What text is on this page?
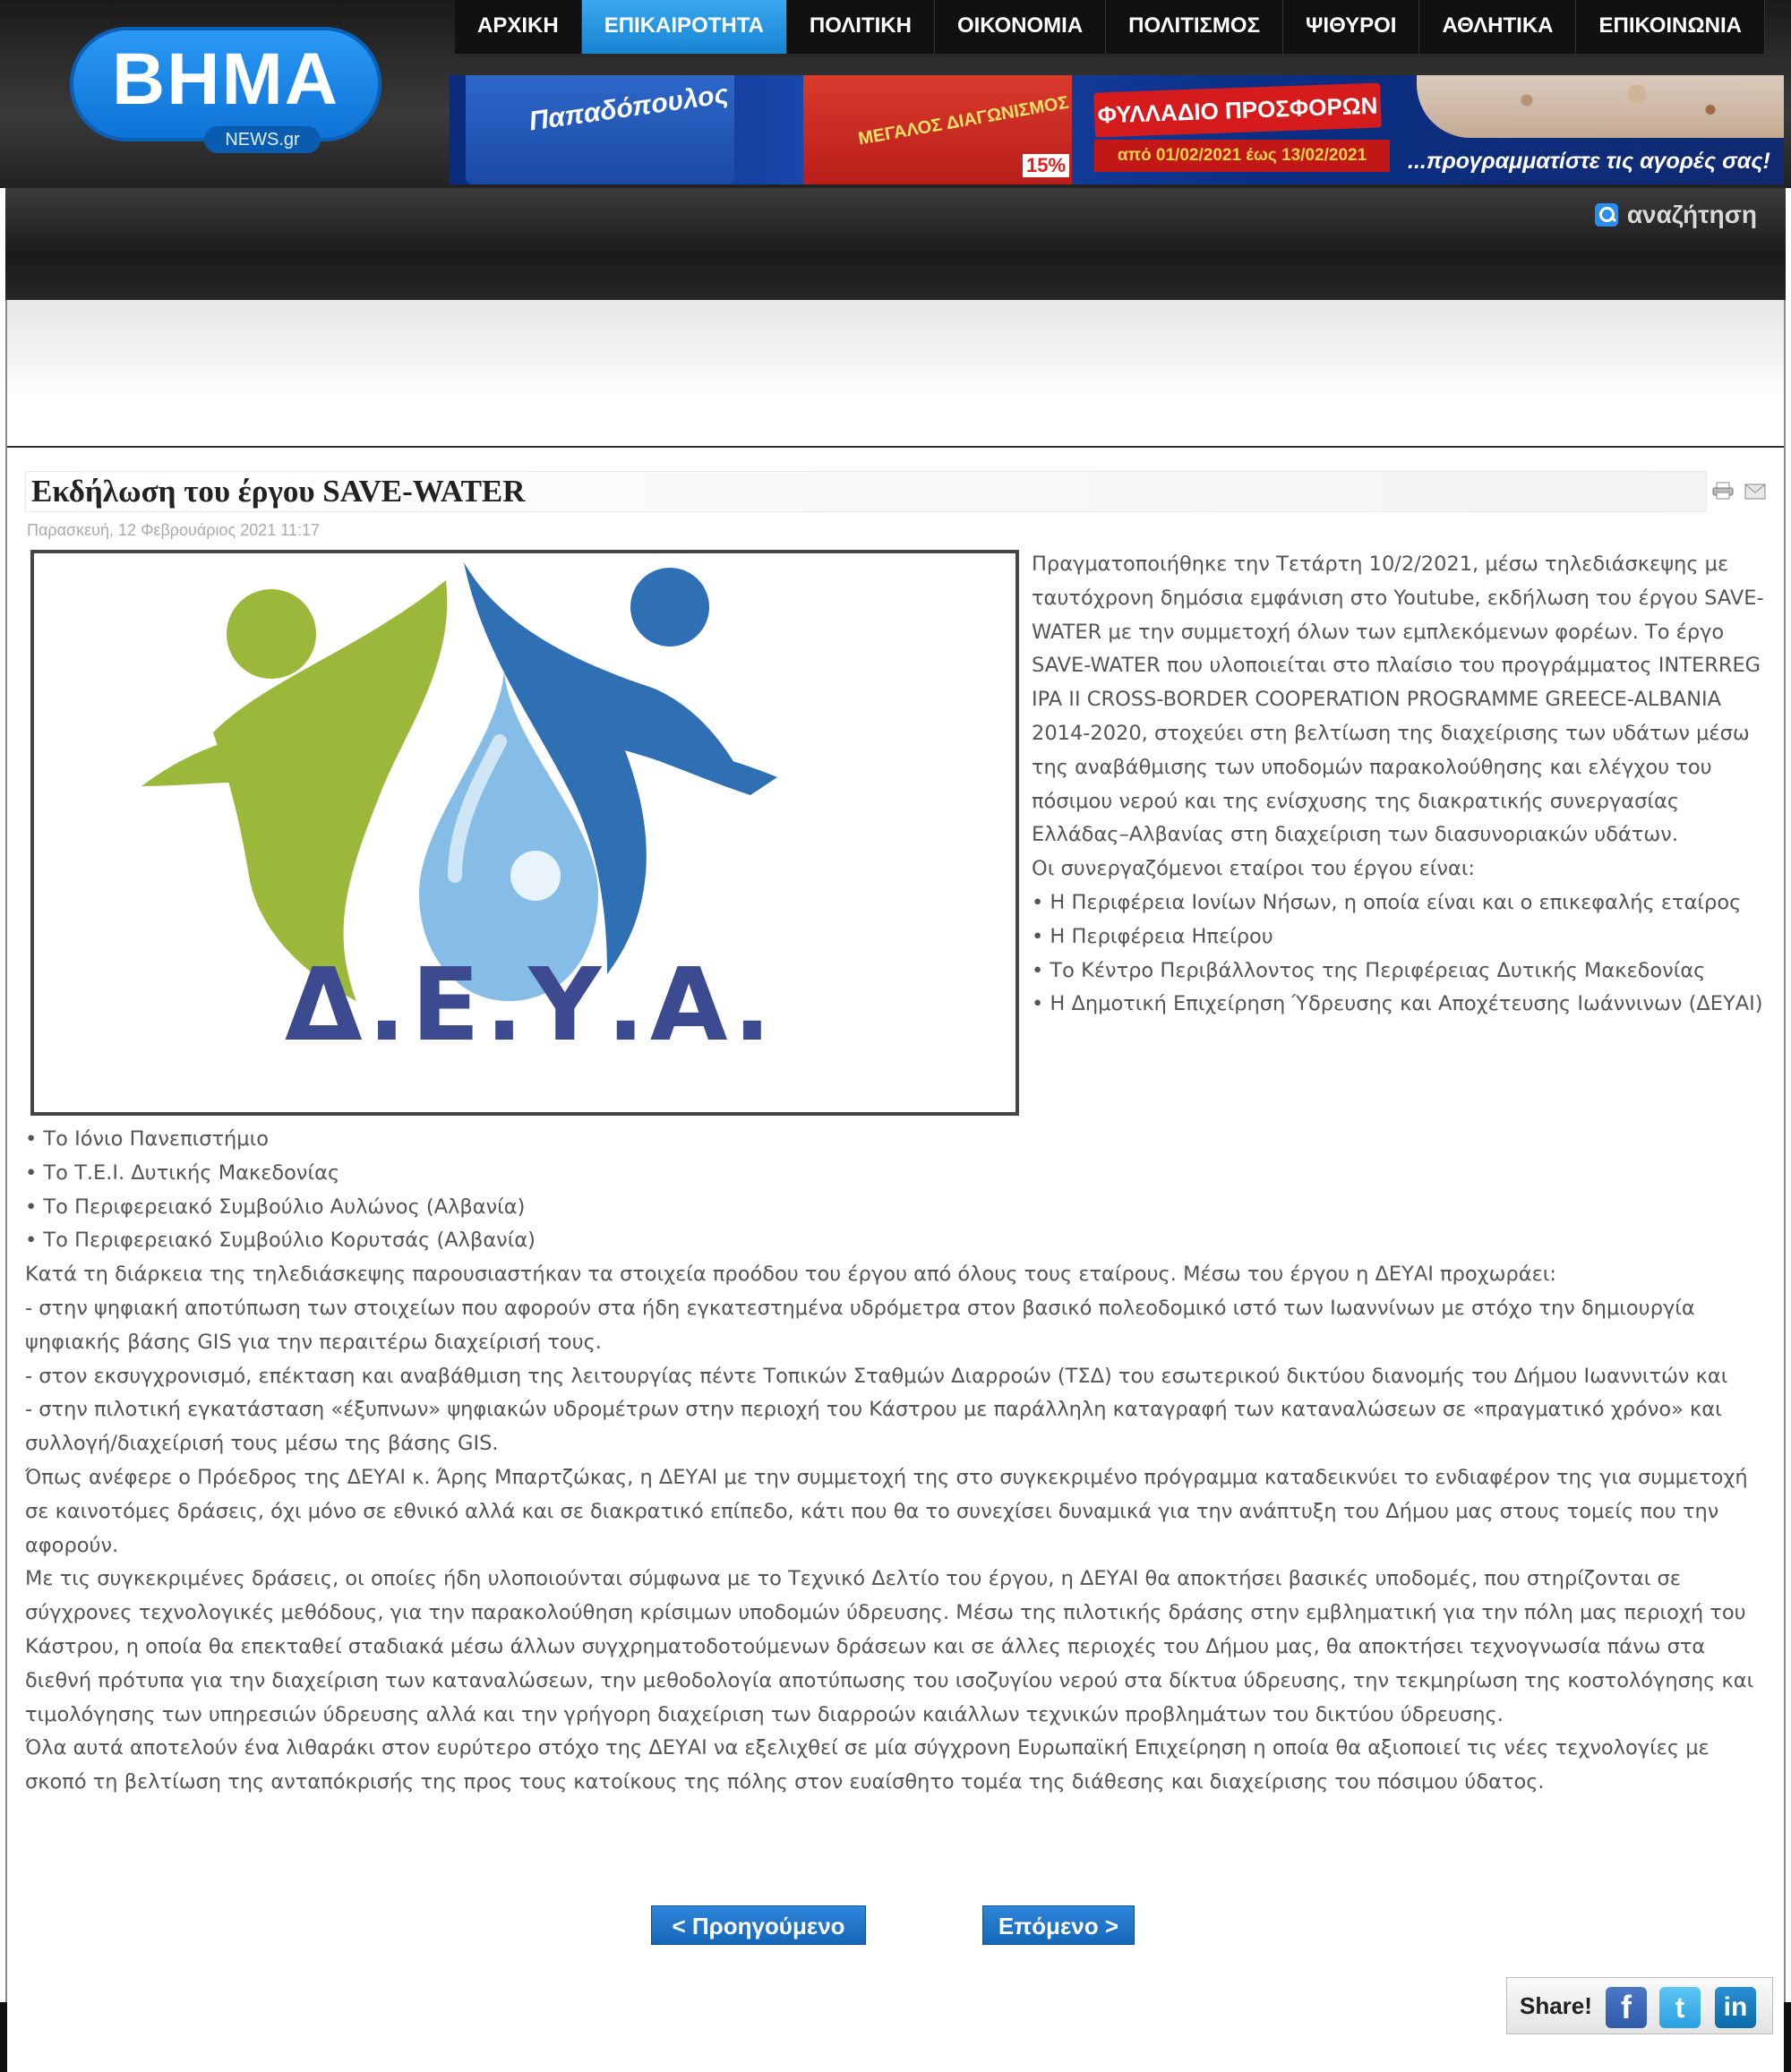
ΒΗΜΑ
NEWS.gr
ΑΡΧΙΚΗ	ΕΠΙΚΑΙΡΟΤΗΤΑ	ΠΟΛΙΤΙΚΗ	ΟΙΚΟΝΟΜΙΑ	ΠΟΛΙΤΙΣΜΟΣ	ΨΙΘΥΡΟΙ	ΑΘΛΗΤΙΚΑ	ΕΠΙΚΟΙΝΩΝΙΑ
Παπαδόπουλος	ΜΕΓΑΛΟΣ ΔΙΑΓΩΝΙΣΜΟΣ
15%
ΦΥΛΛΑΔΙΟ ΠΡΟΣΦΟΡΩΝ
από 01/02/2021 έως 13/02/2021	...προγραμματίστε τις αγορές σας!
αναζήτηση
Εκδήλωση του έργου SAVE-WATER
Παρασκευή, 12 Φεβρουάριος 2021 11:17
Δ.Ε.Υ.Α.

Πραγματοποιήθηκε την Τετάρτη 10/2/2021, μέσω τηλεδιάσκεψης με ταυτόχρονη δημόσια εμφάνιση στο Youtube, εκδήλωση του έργου SAVE-WATER με την συμμετοχή όλων των εμπλεκόμενων φορέων. Το έργο SAVE-WATER που υλοποιείται στο πλαίσιο του προγράμματος INTERREG IPA II CROSS-BORDER COOPERATION PROGRAMME GREECE-ALBANIA 2014-2020, στοχεύει στη βελτίωση της διαχείρισης των υδάτων μέσω της αναβάθμισης των υποδομών παρακολούθησης και ελέγχου του πόσιμου νερού και της ενίσχυσης της διακρατικής συνεργασίας Ελλάδας–Αλβανίας στη διαχείριση των διασυνοριακών υδάτων.

Οι συνεργαζόμενοι εταίροι του έργου είναι:

• Η Περιφέρεια Ιονίων Νήσων, η οποία είναι και ο επικεφαλής εταίρος

• Η Περιφέρεια Ηπείρου

• Το Κέντρο Περιβάλλοντος της Περιφέρειας Δυτικής Μακεδονίας

• Η Δημοτική Επιχείρηση Ύδρευσης και Αποχέτευσης Ιωάννινων (ΔΕΥΑΙ)

• Το Ιόνιο Πανεπιστήμιο

• Το Τ.Ε.Ι. Δυτικής Μακεδονίας

• Το Περιφερειακό Συμβούλιο Αυλώνος (Αλβανία)

• Το Περιφερειακό Συμβούλιο Κορυτσάς (Αλβανία)

Κατά τη διάρκεια της τηλεδιάσκεψης παρουσιαστήκαν τα στοιχεία προόδου του έργου από όλους τους εταίρους. Μέσω του έργου η ΔΕΥΑΙ προχωράει:

- στην ψηφιακή αποτύπωση των στοιχείων που αφορούν στα ήδη εγκατεστημένα υδρόμετρα στον βασικό πολεοδομικό ιστό των Ιωαννίνων με στόχο την δημιουργία ψηφιακής βάσης GIS για την περαιτέρω διαχείρισή τους.

- στον εκσυγχρονισμό, επέκταση και αναβάθμιση της λειτουργίας πέντε Τοπικών Σταθμών Διαρροών (ΤΣΔ) του εσωτερικού δικτύου διανομής του Δήμου Ιωαννιτών και

- στην πιλοτική εγκατάσταση «έξυπνων» ψηφιακών υδρομέτρων στην περιοχή του Κάστρου με παράλληλη καταγραφή των καταναλώσεων σε «πραγματικό χρόνο» και συλλογή/διαχείρισή τους μέσω της βάσης GIS.

Όπως ανέφερε ο Πρόεδρος της ΔΕΥΑΙ κ. Άρης Μπαρτζώκας, η ΔΕΥΑΙ με την συμμετοχή της στο συγκεκριμένο πρόγραμμα καταδεικνύει το ενδιαφέρον της για συμμετοχή σε καινοτόμες δράσεις, όχι μόνο σε εθνικό αλλά και σε διακρατικό επίπεδο, κάτι που θα το συνεχίσει δυναμικά για την ανάπτυξη του Δήμου μας στους τομείς που την αφορούν.

Με τις συγκεκριμένες δράσεις, οι οποίες ήδη υλοποιούνται σύμφωνα με το Τεχνικό Δελτίο του έργου, η ΔΕΥΑΙ θα αποκτήσει βασικές υποδομές, που στηρίζονται σε σύγχρονες τεχνολογικές μεθόδους, για την παρακολούθηση κρίσιμων υποδομών ύδρευσης. Μέσω της πιλοτικής δράσης στην εμβληματική για την πόλη μας περιοχή του Κάστρου, η οποία θα επεκταθεί σταδιακά μέσω άλλων συγχρηματοδοτούμενων δράσεων και σε άλλες περιοχές του Δήμου μας, θα αποκτήσει τεχνογνωσία πάνω στα διεθνή πρότυπα για την διαχείριση των καταναλώσεων, την μεθοδολογία αποτύπωσης του ισοζυγίου νερού στα δίκτυα ύδρευσης, την τεκμηρίωση της κοστολόγησης και τιμολόγησης των υπηρεσιών ύδρευσης αλλά και την γρήγορη διαχείριση των διαρροών καιάλλων τεχνικών προβλημάτων του δικτύου ύδρευσης.

Όλα αυτά αποτελούν ένα λιθαράκι στον ευρύτερο στόχο της ΔΕΥΑΙ να εξελιχθεί σε μία σύγχρονη Ευρωπαϊκή Επιχείρηση η οποία θα αξιοποιεί τις νέες τεχνολογίες με σκοπό τη βελτίωση της ανταπόκρισής της προς τους κατοίκους της πόλης στον ευαίσθητο τομέα της διάθεσης και διαχείρισης του πόσιμου ύδατος.

< Προηγούμενο	Επόμενο >
Share! f	t	in
